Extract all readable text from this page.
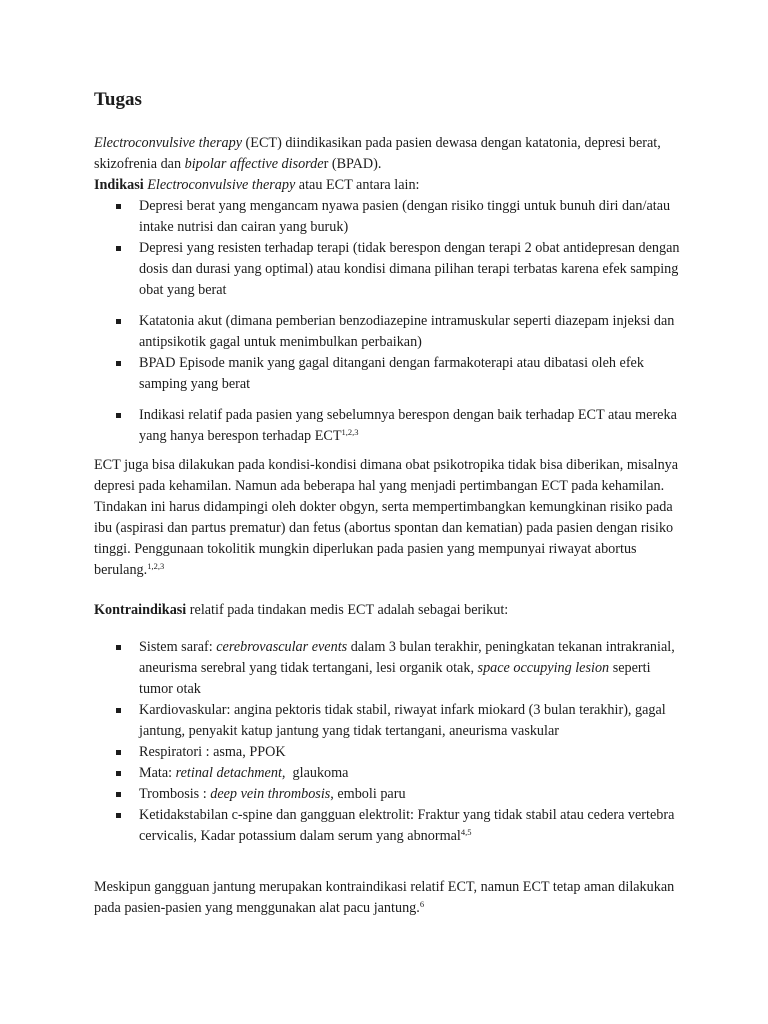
Tugas

Electroconvulsive therapy (ECT) diindikasikan pada pasien dewasa dengan katatonia, depresi berat, skizofrenia dan bipolar affective disorder (BPAD).

Indikasi Electroconvulsive therapy atau ECT antara lain:

Depresi berat yang mengancam nyawa pasien (dengan risiko tinggi untuk bunuh diri dan/atau intake nutrisi dan cairan yang buruk)
Depresi yang resisten terhadap terapi (tidak berespon dengan terapi 2 obat antidepresan dengan dosis dan durasi yang optimal) atau kondisi dimana pilihan terapi terbatas karena efek samping obat yang berat
Katatonia akut (dimana pemberian benzodiazepine intramuskular seperti diazepam injeksi dan antipsikotik gagal untuk menimbulkan perbaikan)
BPAD Episode manik yang gagal ditangani dengan farmakoterapi atau dibatasi oleh efek samping yang berat
Indikasi relatif pada pasien yang sebelumnya berespon dengan baik terhadap ECT atau mereka yang hanya berespon terhadap ECT$^{1,2,3}$

ECT juga bisa dilakukan pada kondisi-kondisi dimana obat psikotropika tidak bisa diberikan, misalnya depresi pada kehamilan. Namun ada beberapa hal yang menjadi pertimbangan ECT pada kehamilan. Tindakan ini harus didampingi oleh dokter obgyn, serta mempertimbangkan kemungkinan risiko pada ibu (aspirasi dan partus prematur) dan fetus (abortus spontan dan kematian) pada pasien dengan risiko tinggi. Penggunaan tokolitik mungkin diperlukan pada pasien yang mempunyai riwayat abortus berulang.$^{1,2,3}$

Kontraindikasi relatif pada tindakan medis ECT adalah sebagai berikut:

Sistem saraf: cerebrovascular events dalam 3 bulan terakhir, peningkatan tekanan intrakranial, aneurisma serebral yang tidak tertangani, lesi organik otak, space occupying lesion seperti tumor otak
Kardiovaskular: angina pektoris tidak stabil, riwayat infark miokard (3 bulan terakhir), gagal jantung, penyakit katup jantung yang tidak tertangani, aneurisma vaskular
Respiratori : asma, PPOK
Mata: retinal detachment,  glaukoma
Trombosis : deep vein thrombosis, emboli paru
Ketidakstabilan c-spine dan gangguan elektrolit: Fraktur yang tidak stabil atau cedera vertebra cervicalis, Kadar potassium dalam serum yang abnormal$^{4,5}$

Meskipun gangguan jantung merupakan kontraindikasi relatif ECT, namun ECT tetap aman dilakukan pada pasien-pasien yang menggunakan alat pacu jantung.$^6$
